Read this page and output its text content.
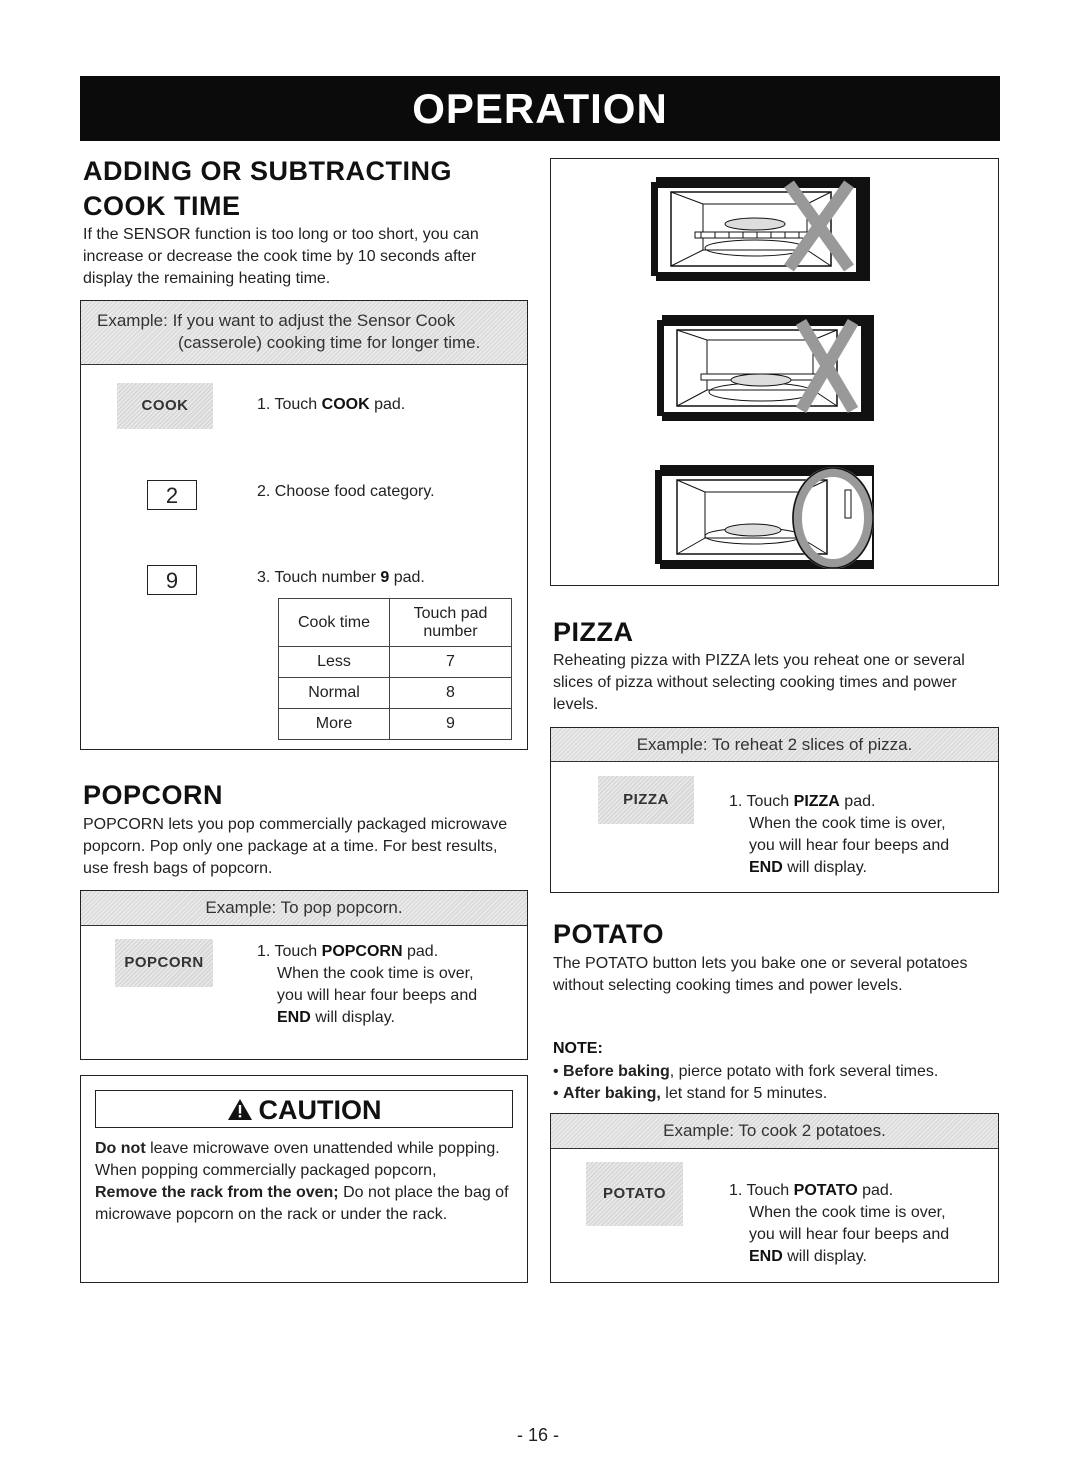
OPERATION
ADDING OR SUBTRACTING
COOK TIME

If the SENSOR function is too long or too short, you can increase or decrease the cook time by 10 seconds after display the remaining heating time.

Example: If you want to adjust the Sensor Cook
(casserole) cooking time for longer time.
COOK	1. Touch COOK pad.
2	2. Choose food category.
9	3. Touch number 9 pad.
Cook time	Touch pad
number

Less	7
Normal	8
More	9
POPCORN

POPCORN lets you pop commercially packaged microwave popcorn. Pop only one package at a time. For best results, use fresh bags of popcorn.

Example: To pop popcorn.
POPCORN
1. Touch POPCORN pad.
When the cook time is over,
you will hear four beeps and
END will display.
CAUTION
Do not leave microwave oven unattended while popping.
When popping commercially packaged popcorn,
Remove the rack from the oven; Do not place the bag of microwave popcorn on the rack or under the rack.
PIZZA

Reheating pizza with PIZZA lets you reheat one or several slices of pizza without selecting cooking times and power levels.

Example: To reheat 2 slices of pizza.
PIZZA	1. Touch PIZZA pad.
When the cook time is over,
you will hear four beeps and
END will display.
POTATO

The POTATO button lets you bake one or several potatoes without selecting cooking times and power levels.

NOTE:
• Before baking, pierce potato with fork several times.
• After baking, let stand for 5 minutes.
Example: To cook 2 potatoes.
POTATO	1. Touch POTATO pad.
When the cook time is over,
you will hear four beeps and
END will display.
- 16 -
